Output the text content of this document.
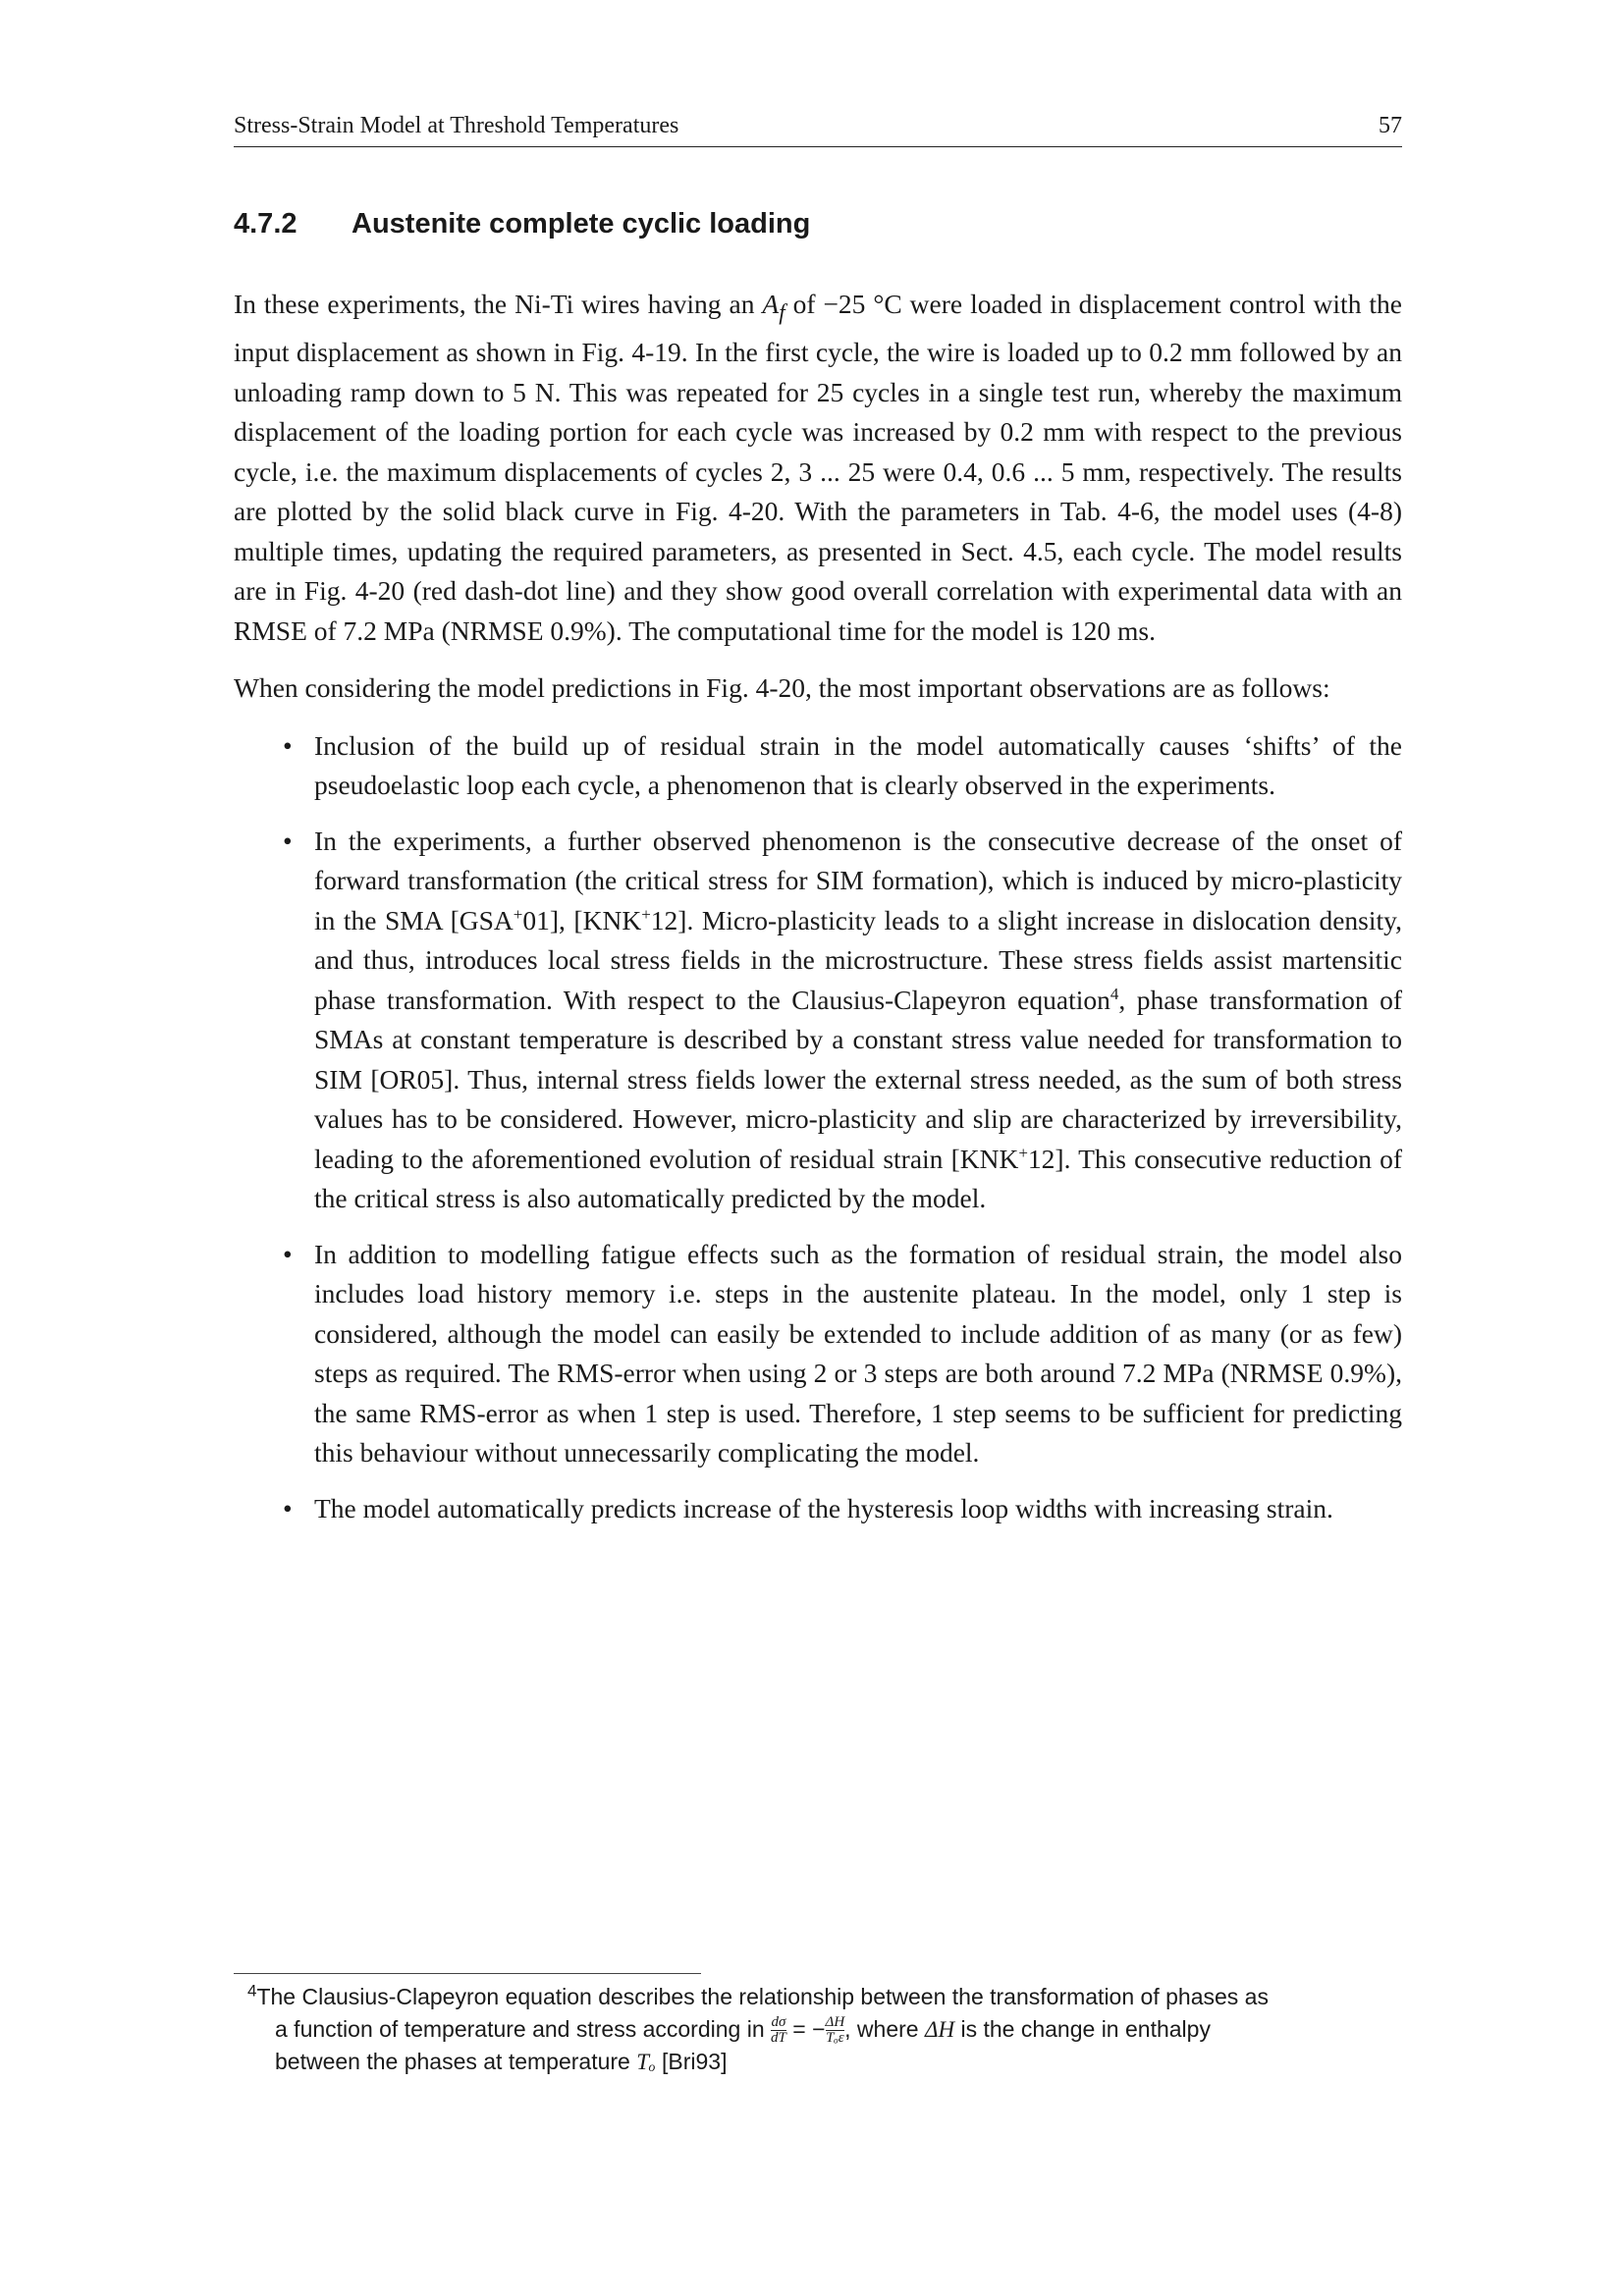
Stress-Strain Model at Threshold Temperatures	57
4.7.2 Austenite complete cyclic loading

In these experiments, the Ni-Ti wires having an $A_f$ of −25 °C were loaded in displacement control with the input displacement as shown in Fig. 4-19. In the first cycle, the wire is loaded up to 0.2 mm followed by an unloading ramp down to 5 N. This was repeated for 25 cycles in a single test run, whereby the maximum displacement of the loading portion for each cycle was increased by 0.2 mm with respect to the previous cycle, i.e. the maximum displacements of cycles 2, 3 ... 25 were 0.4, 0.6 ... 5 mm, respectively. The results are plotted by the solid black curve in Fig. 4-20. With the parameters in Tab. 4-6, the model uses (4-8) multiple times, updating the required parameters, as presented in Sect. 4.5, each cycle. The model results are in Fig. 4-20 (red dash-dot line) and they show good overall correlation with experimental data with an RMSE of 7.2 MPa (NRMSE 0.9%). The computational time for the model is 120 ms.

When considering the model predictions in Fig. 4-20, the most important observations are as follows:

• Inclusion of the build up of residual strain in the model automatically causes ‘shifts’ of the pseudoelastic loop each cycle, a phenomenon that is clearly observed in the experiments.
• In the experiments, a further observed phenomenon is the consecutive decrease of the onset of forward transformation (the critical stress for SIM formation), which is induced by micro-plasticity in the SMA [GSA+01], [KNK+12]. Micro-plasticity leads to a slight increase in dislocation density, and thus, introduces local stress fields in the microstructure. These stress fields assist martensitic phase transformation. With respect to the Clausius-Clapeyron equation$^4$, phase transformation of SMAs at constant temperature is described by a constant stress value needed for transformation to SIM [OR05]. Thus, internal stress fields lower the external stress needed, as the sum of both stress values has to be considered. However, micro-plasticity and slip are characterized by irreversibility, leading to the aforementioned evolution of residual strain [KNK+12]. This consecutive reduction of the critical stress is also automatically predicted by the model.
• In addition to modelling fatigue effects such as the formation of residual strain, the model also includes load history memory i.e. steps in the austenite plateau. In the model, only 1 step is considered, although the model can easily be extended to include addition of as many (or as few) steps as required. The RMS-error when using 2 or 3 steps are both around 7.2 MPa (NRMSE 0.9%), the same RMS-error as when 1 step is used. Therefore, 1 step seems to be sufficient for predicting this behaviour without unnecessarily complicating the model.
• The model automatically predicts increase of the hysteresis loop widths with increasing strain.
$^4$The Clausius-Clapeyron equation describes the relationship between the transformation of phases as
a function of temperature and stress according in $\frac{d\sigma}{dT}$ = − $\frac{\Delta H}{\text{Tₒε}}$ , where ΔH is the change in enthalpy
between the phases at temperature Tₒ [Bri93]
